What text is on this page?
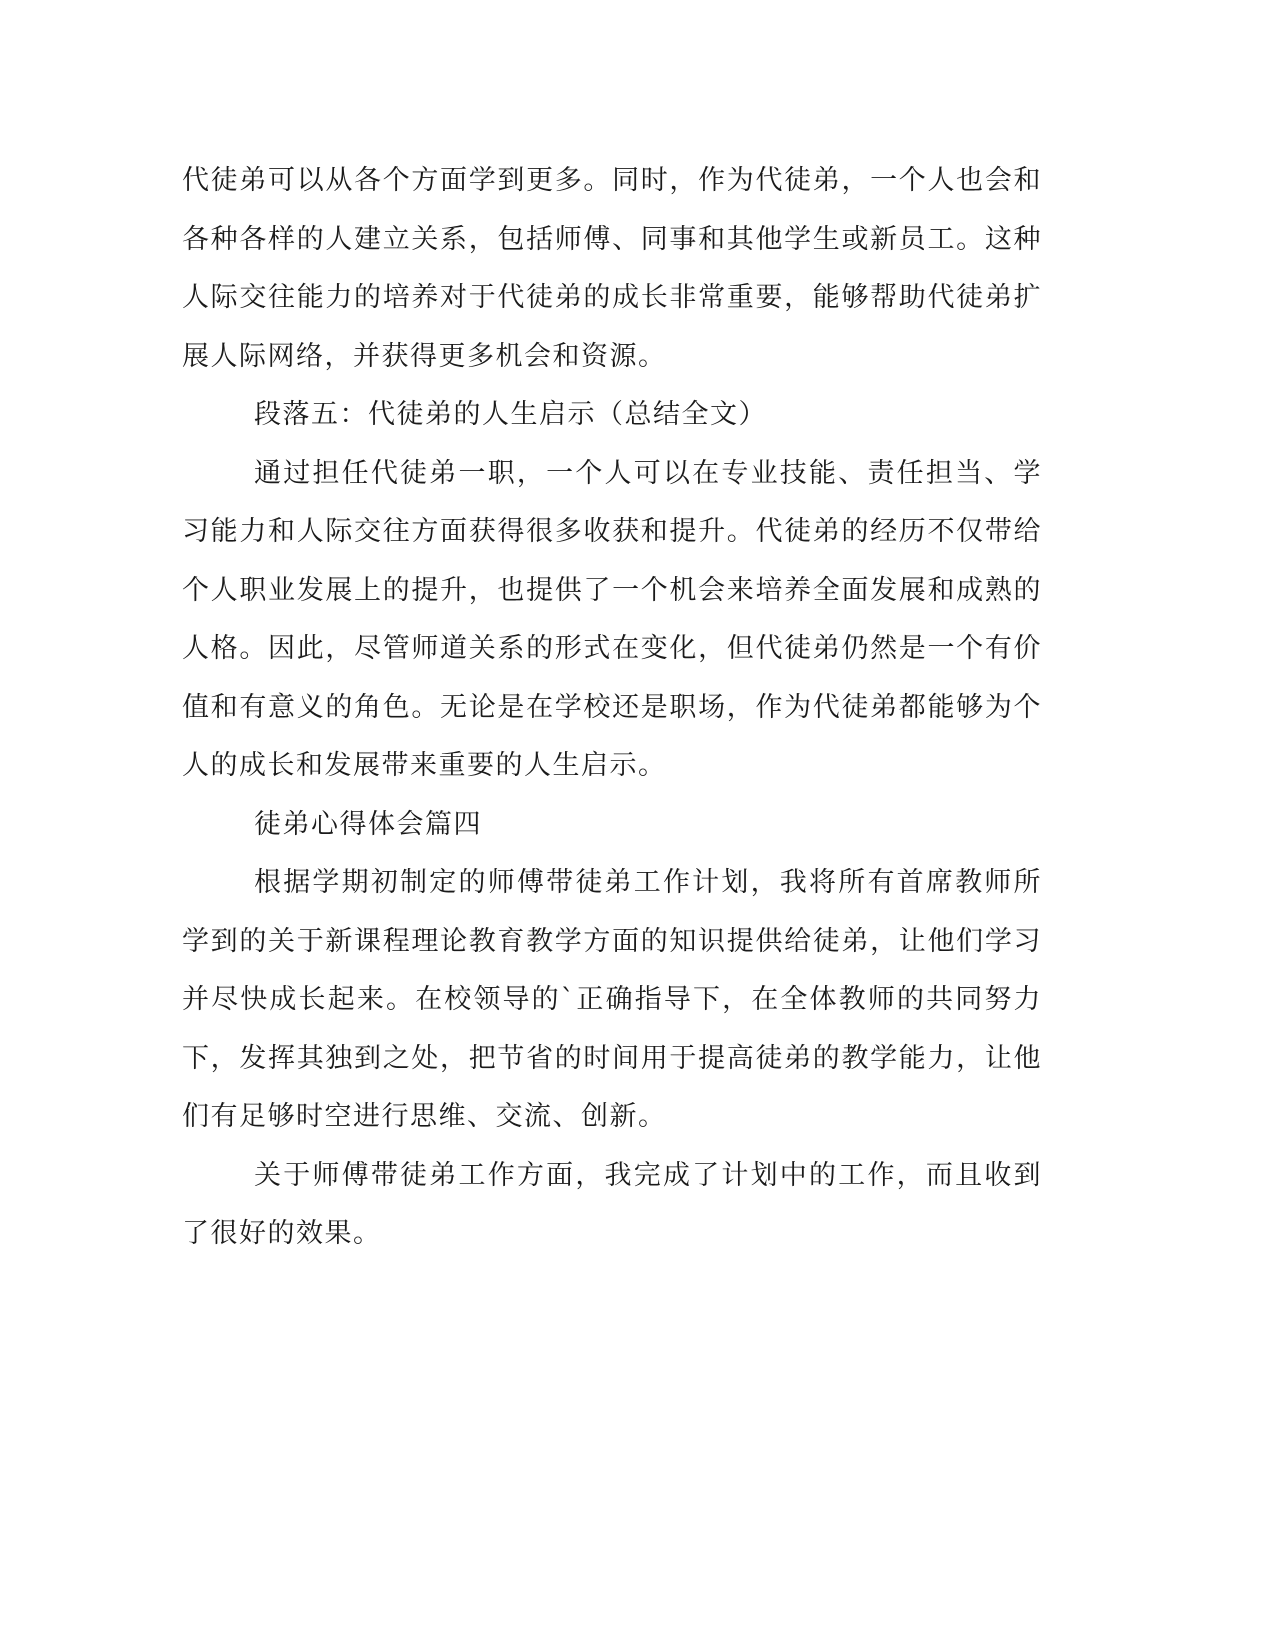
代徒弟可以从各个方面学到更多。同时，作为代徒弟，一个人也会和各种各样的人建立关系，包括师傅、同事和其他学生或新员工。这种人际交往能力的培养对于代徒弟的成长非常重要，能够帮助代徒弟扩展人际网络，并获得更多机会和资源。

段落五：代徒弟的人生启示（总结全文）

通过担任代徒弟一职，一个人可以在专业技能、责任担当、学习能力和人际交往方面获得很多收获和提升。代徒弟的经历不仅带给个人职业发展上的提升，也提供了一个机会来培养全面发展和成熟的人格。因此，尽管师道关系的形式在变化，但代徒弟仍然是一个有价值和有意义的角色。无论是在学校还是职场，作为代徒弟都能够为个人的成长和发展带来重要的人生启示。

徒弟心得体会篇四

根据学期初制定的师傅带徒弟工作计划，我将所有首席教师所学到的关于新课程理论教育教学方面的知识提供给徒弟，让他们学习并尽快成长起来。在校领导的`正确指导下，在全体教师的共同努力下，发挥其独到之处，把节省的时间用于提高徒弟的教学能力，让他们有足够时空进行思维、交流、创新。

关于师傅带徒弟工作方面，我完成了计划中的工作，而且收到了很好的效果。
